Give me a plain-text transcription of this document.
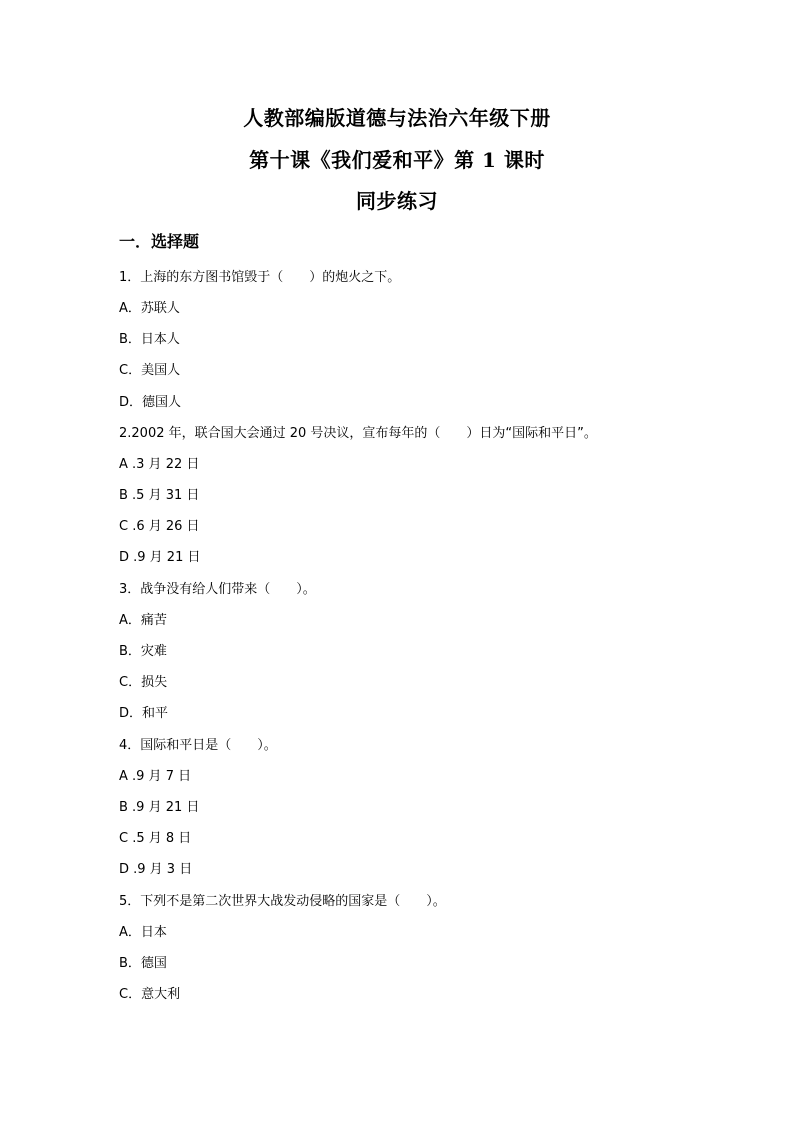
人教部编版道德与法治六年级下册
第十课《我们爱和平》第 1 课时
同步练习
一．选择题
1．上海的东方图书馆毁于（　　）的炮火之下。
A．苏联人
B．日本人
C．美国人
D．德国人
2.2002 年，联合国大会通过 20 号决议，宣布每年的（　　）日为“国际和平日”。
A .3 月 22 日
B .5 月 31 日
C .6 月 26 日
D .9 月 21 日
3．战争没有给人们带来（　　）。
A．痛苦
B．灾难
C．损失
D．和平
4．国际和平日是（　　）。
A .9 月 7 日
B .9 月 21 日
C .5 月 8 日
D .9 月 3 日
5．下列不是第二次世界大战发动侵略的国家是（　　）。
A．日本
B．德国
C．意大利
